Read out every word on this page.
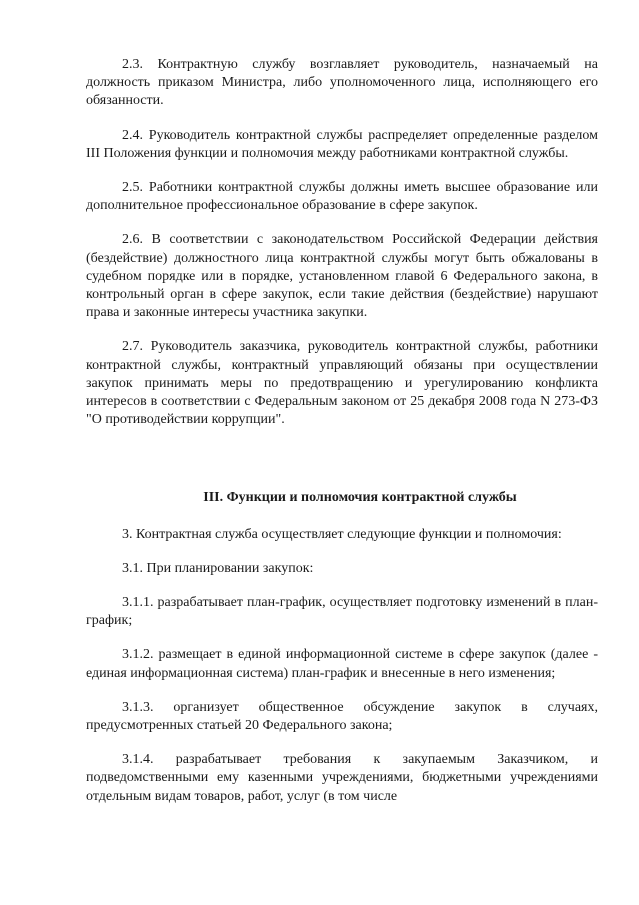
2.3. Контрактную службу возглавляет руководитель, назначаемый на должность приказом Министра, либо уполномоченного лица, исполняющего его обязанности.

2.4. Руководитель контрактной службы распределяет определенные разделом III Положения функции и полномочия между работниками контрактной службы.

2.5. Работники контрактной службы должны иметь высшее образование или дополнительное профессиональное образование в сфере закупок.

2.6. В соответствии с законодательством Российской Федерации действия (бездействие) должностного лица контрактной службы могут быть обжалованы в судебном порядке или в порядке, установленном главой 6 Федерального закона, в контрольный орган в сфере закупок, если такие действия (бездействие) нарушают права и законные интересы участника закупки.

2.7. Руководитель заказчика, руководитель контрактной службы, работники контрактной службы, контрактный управляющий обязаны при осуществлении закупок принимать меры по предотвращению и урегулированию конфликта интересов в соответствии с Федеральным законом от 25 декабря 2008 года N 273-ФЗ "О противодействии коррупции".

III. Функции и полномочия контрактной службы

3. Контрактная служба осуществляет следующие функции и полномочия:

3.1. При планировании закупок:

3.1.1. разрабатывает план-график, осуществляет подготовку изменений в план-график;

3.1.2. размещает в единой информационной системе в сфере закупок (далее - единая информационная система) план-график и внесенные в него изменения;

3.1.3. организует общественное обсуждение закупок в случаях, предусмотренных статьей 20 Федерального закона;

3.1.4. разрабатывает требования к закупаемым Заказчиком, и подведомственными ему казенными учреждениями, бюджетными учреждениями отдельным видам товаров, работ, услуг (в том числе
